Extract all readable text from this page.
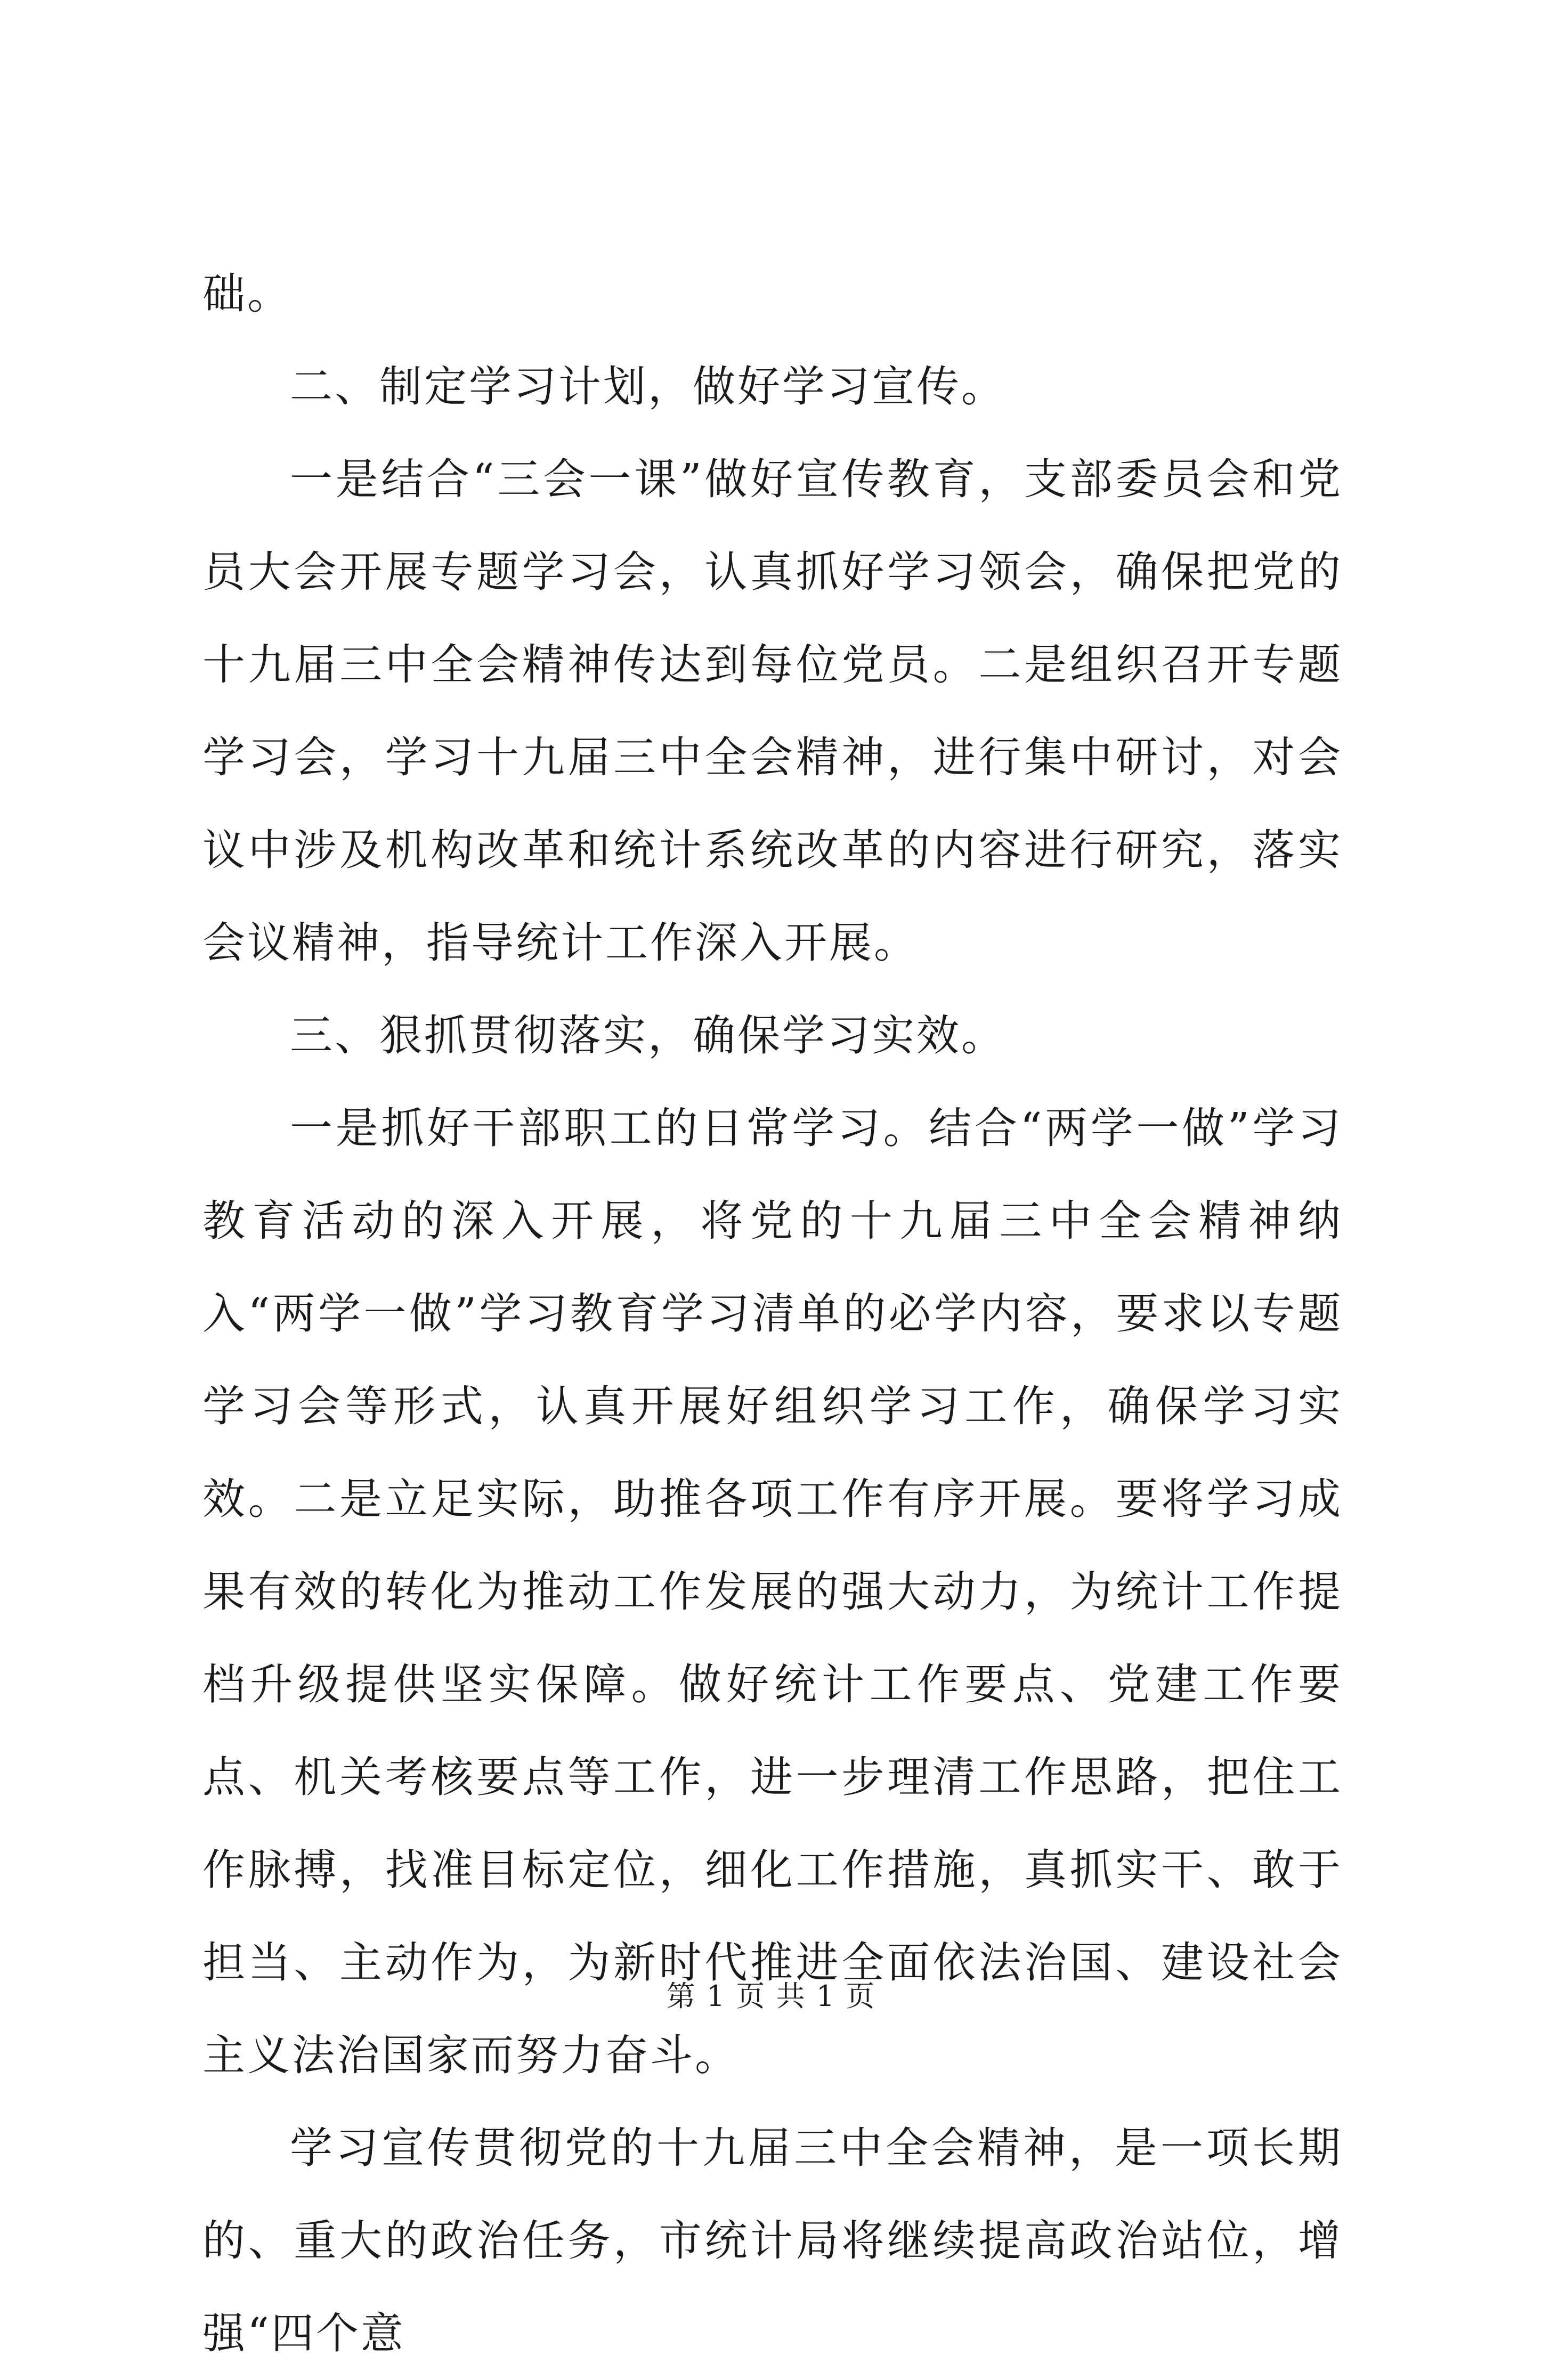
础。

二、制定学习计划，做好学习宣传。

一是结合“三会一课”做好宣传教育，支部委员会和党员大会开展专题学习会，认真抓好学习领会，确保把党的十九届三中全会精神传达到每位党员。二是组织召开专题学习会，学习十九届三中全会精神，进行集中研讨，对会议中涉及机构改革和统计系统改革的内容进行研究，落实会议精神，指导统计工作深入开展。

三、狠抓贯彻落实，确保学习实效。

一是抓好干部职工的日常学习。结合“两学一做”学习教育活动的深入开展，将党的十九届三中全会精神纳入“两学一做”学习教育学习清单的必学内容，要求以专题学习会等形式，认真开展好组织学习工作，确保学习实效。二是立足实际，助推各项工作有序开展。要将学习成果有效的转化为推动工作发展的强大动力，为统计工作提档升级提供坚实保障。做好统计工作要点、党建工作要点、机关考核要点等工作，进一步理清工作思路，把住工作脉搏，找准目标定位，细化工作措施，真抓实干、敢于担当、主动作为，为新时代推进全面依法治国、建设社会主义法治国家而努力奋斗。

学习宣传贯彻党的十九届三中全会精神，是一项长期的、重大的政治任务，市统计局将继续提高政治站位，增强“四个意

第 1 页 共 1 页
